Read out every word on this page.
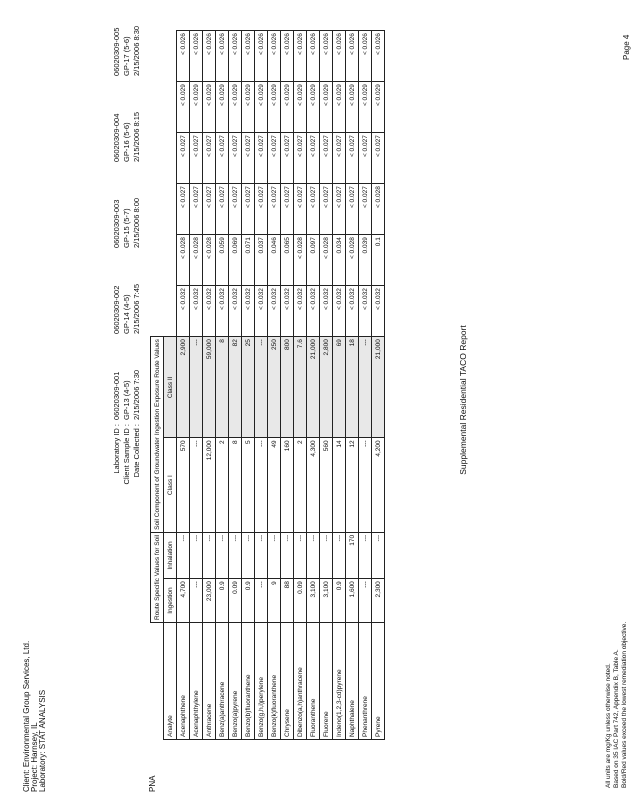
Supplemental Residential TACO Report
Client: Environmental Group Services, Ltd. Project: Harnsey, IL Laboratory: STAT ANALYSIS	PNA
Laboratory ID :
06020309-001
06020309-002
06020309-003
06020309-004
06020309-005
Client Sample ID :
GP-13 (4-5)
GP-14 (4-5)
GP-15 (5-7)
GP-16 (5-6)
GP-17 (5-6)
Date Collected :
2/15/2006 7:30
2/15/2006 7:45
2/15/2006 8:00
2/15/2006 8:15
2/15/2006 8:30
	Route Specific Values for Soil		Soil Component of Groundwater Ingestion Exposure Route Values							
Analyte	Ingestion	Inhalation	Class I	Class II						
Acenaphthene	4,700	---	570	2,900	< 0.032	< 0.028	< 0.027	< 0.027	< 0.029	< 0.026
Acenaphthylene	---	---	---	---	< 0.032	< 0.028	< 0.027	< 0.027	< 0.029	< 0.026
Anthracene	23,000	---	12,000	59,000	< 0.032	< 0.028	< 0.027	< 0.027	< 0.029	< 0.026
Benz(a)anthracene	0.9	---	2	8	< 0.032	0.059	< 0.027	< 0.027	< 0.029	< 0.026
Benzo(a)pyrene	0.09	---	8	82	< 0.032	0.069	< 0.027	< 0.027	< 0.029	< 0.026
Benzo(b)fluoranthene	0.9	---	5	25	< 0.032	0.071	< 0.027	< 0.027	< 0.029	< 0.026
Benzo(g,h,i)perylene	---	---	---	---	< 0.032	0.037	< 0.027	< 0.027	< 0.029	< 0.026
Benzo(k)fluoranthene	9	---	49	250	< 0.032	0.046	< 0.027	< 0.027	< 0.029	< 0.026
Chrysene	88	---	160	800	< 0.032	0.065	< 0.027	< 0.027	< 0.029	< 0.026
Dibenzo(a,h)anthracene	0.09	---	2	7.6	< 0.032	< 0.028	< 0.027	< 0.027	< 0.029	< 0.026
Fluoranthene	3,100	---	4,300	21,000	< 0.032	0.097	< 0.027	< 0.027	< 0.029	< 0.026
Fluorene	3,100	---	560	2,800	< 0.032	< 0.028	< 0.027	< 0.027	< 0.029	< 0.026
Indeno(1,2,3-cd)pyrene	0.9	---	14	69	< 0.032	0.034	< 0.027	< 0.027	< 0.029	< 0.026
Naphthalene	1,600	170	12	18	< 0.032	< 0.028	< 0.027	< 0.027	< 0.029	< 0.026
Phenanthrene	---	---	---	---	< 0.032	0.039	< 0.027	< 0.027	< 0.029	< 0.026
Pyrene	2,300	---	4,200	21,000	< 0.032	0.1	< 0.028	< 0.027	< 0.029	< 0.026
All units are mg/Kg unless otherwise noted. Based on 35 IAC Part 742, Appendix B, Table A. Bold/Red values exceed the lowest remediation objective.
Page 4
